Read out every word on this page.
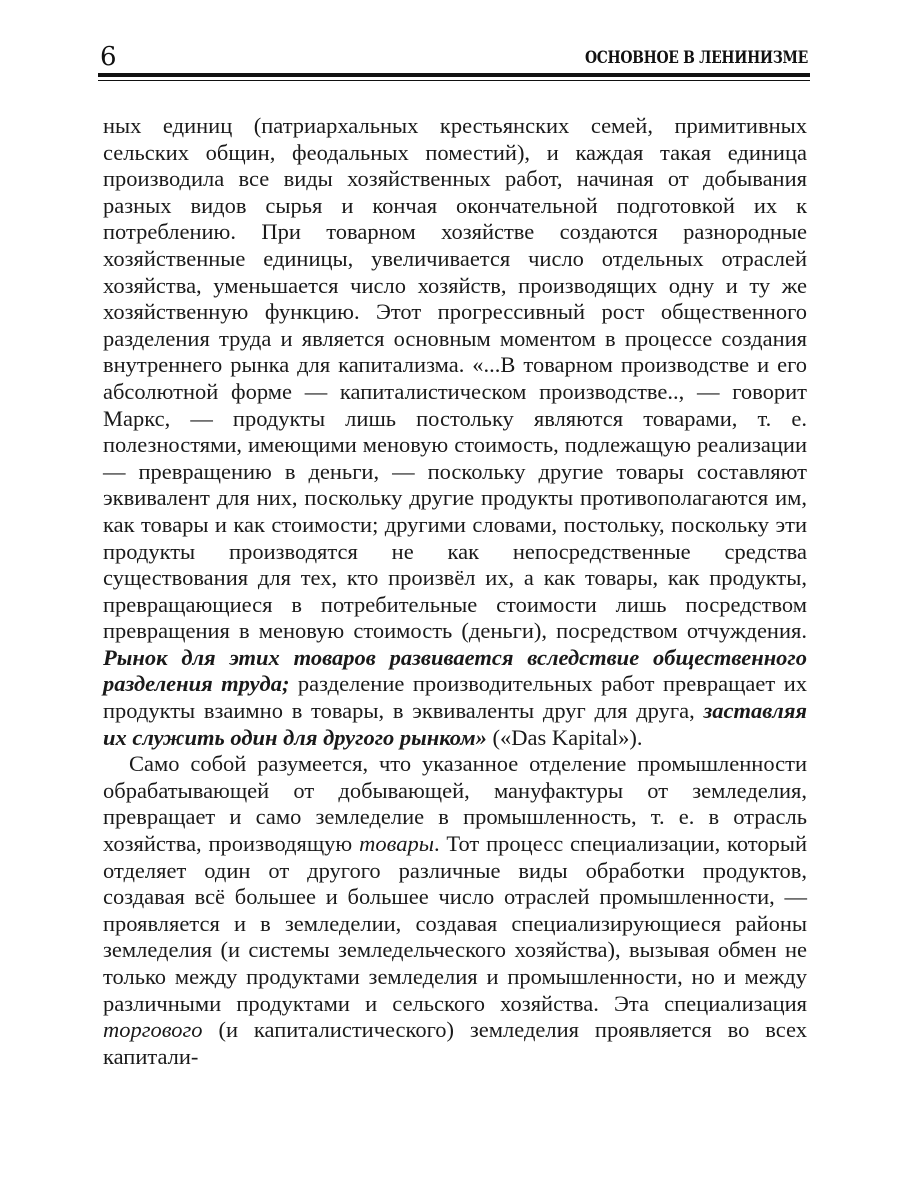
6	ОСНОВНОЕ В ЛЕНИНИЗМЕ

ных единиц (патриархальных крестьянских семей, примитивных сельских общин, феодальных поместий), и каждая такая единица производила все виды хозяйственных работ, начиная от добывания разных видов сырья и кончая окончательной подготовкой их к потреблению. При товарном хозяйстве создаются разнородные хозяйственные единицы, увеличивается число отдельных отраслей хозяйства, уменьшается число хозяйств, производящих одну и ту же хозяйственную функцию. Этот прогрессивный рост общественного разделения труда и является основным моментом в процессе создания внутреннего рынка для капитализма. «...В товарном производстве и его абсолютной форме — капиталистическом производстве.., — говорит Маркс, — продукты лишь постольку являются товарами, т. е. полезностями, имеющими меновую стоимость, подлежащую реализации — превращению в деньги, — поскольку другие товары составляют эквивалент для них, поскольку другие продукты противополагаются им, как товары и как стоимости; другими словами, постольку, поскольку эти продукты производятся не как непосредственные средства существования для тех, кто произвёл их, а как товары, как продукты, превращающиеся в потребительные стоимости лишь посредством превращения в меновую стоимость (деньги), посредством отчуждения. Рынок для этих товаров развивается вследствие общественного разделения труда; разделение производительных работ превращает их продукты взаимно в товары, в эквиваленты друг для друга, заставляя их служить один для другого рынком» («Das Kapital»).

Само собой разумеется, что указанное отделение промышленности обрабатывающей от добывающей, мануфактуры от земледелия, превращает и само земледелие в промышленность, т. е. в отрасль хозяйства, производящую товары. Тот процесс специализации, который отделяет один от другого различные виды обработки продуктов, создавая всё большее и большее число отраслей промышленности, — проявляется и в земледелии, создавая специализирующиеся районы земледелия (и системы земледельческого хозяйства), вызывая обмен не только между продуктами земледелия и промышленности, но и между различными продуктами и сельского хозяйства. Эта специализация торгового (и капиталистического) земледелия проявляется во всех капитали-
